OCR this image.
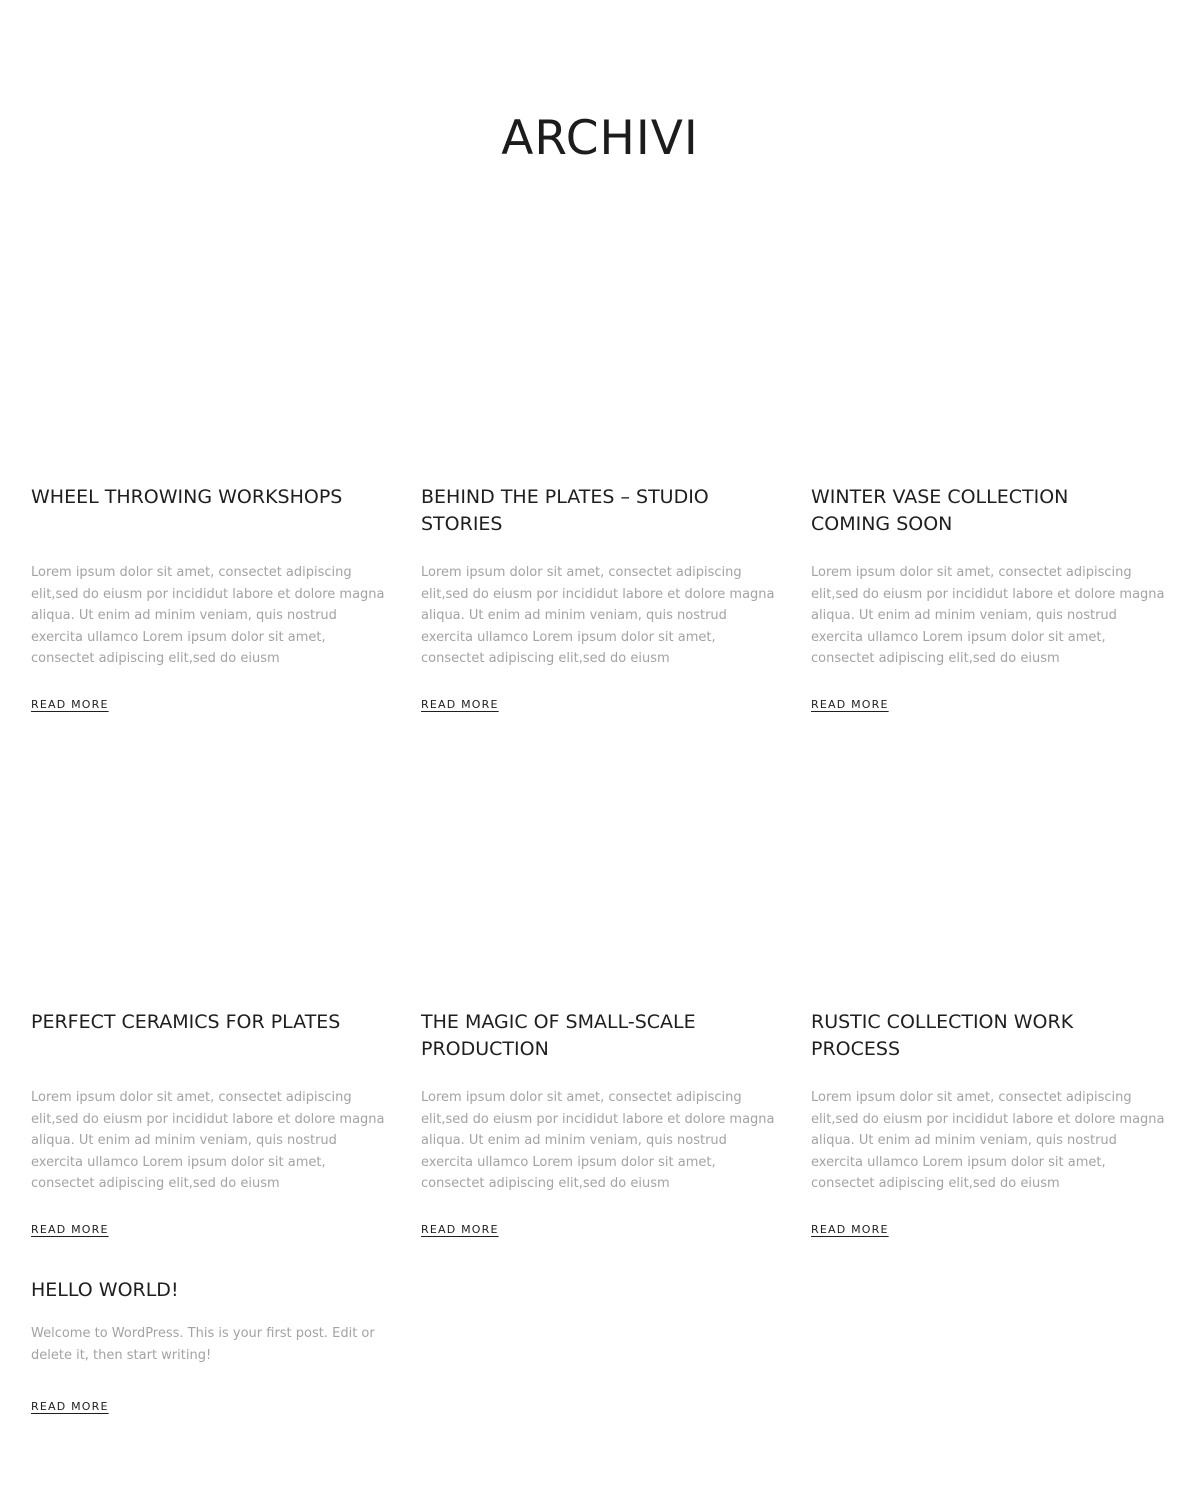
ARCHIVI
WHEEL THROWING WORKSHOPS

Lorem ipsum dolor sit amet, consectet adipiscing elit,sed do eiusm por incididut labore et dolore magna aliqua. Ut enim ad minim veniam, quis nostrud exercita ullamco Lorem ipsum dolor sit amet, consectet adipiscing elit,sed do eiusm

READ MORE
BEHIND THE PLATES – STUDIO
STORIES

Lorem ipsum dolor sit amet, consectet adipiscing elit,sed do eiusm por incididut labore et dolore magna aliqua. Ut enim ad minim veniam, quis nostrud exercita ullamco Lorem ipsum dolor sit amet, consectet adipiscing elit,sed do eiusm

READ MORE
WINTER VASE COLLECTION
COMING SOON

Lorem ipsum dolor sit amet, consectet adipiscing elit,sed do eiusm por incididut labore et dolore magna aliqua. Ut enim ad minim veniam, quis nostrud exercita ullamco Lorem ipsum dolor sit amet, consectet adipiscing elit,sed do eiusm

READ MORE
PERFECT CERAMICS FOR PLATES

Lorem ipsum dolor sit amet, consectet adipiscing elit,sed do eiusm por incididut labore et dolore magna aliqua. Ut enim ad minim veniam, quis nostrud exercita ullamco Lorem ipsum dolor sit amet, consectet adipiscing elit,sed do eiusm

READ MORE
THE MAGIC OF SMALL-SCALE
PRODUCTION

Lorem ipsum dolor sit amet, consectet adipiscing elit,sed do eiusm por incididut labore et dolore magna aliqua. Ut enim ad minim veniam, quis nostrud exercita ullamco Lorem ipsum dolor sit amet, consectet adipiscing elit,sed do eiusm

READ MORE
RUSTIC COLLECTION WORK
PROCESS

Lorem ipsum dolor sit amet, consectet adipiscing elit,sed do eiusm por incididut labore et dolore magna aliqua. Ut enim ad minim veniam, quis nostrud exercita ullamco Lorem ipsum dolor sit amet, consectet adipiscing elit,sed do eiusm

READ MORE
HELLO WORLD!

Welcome to WordPress. This is your first post. Edit or delete it, then start writing!

READ MORE
